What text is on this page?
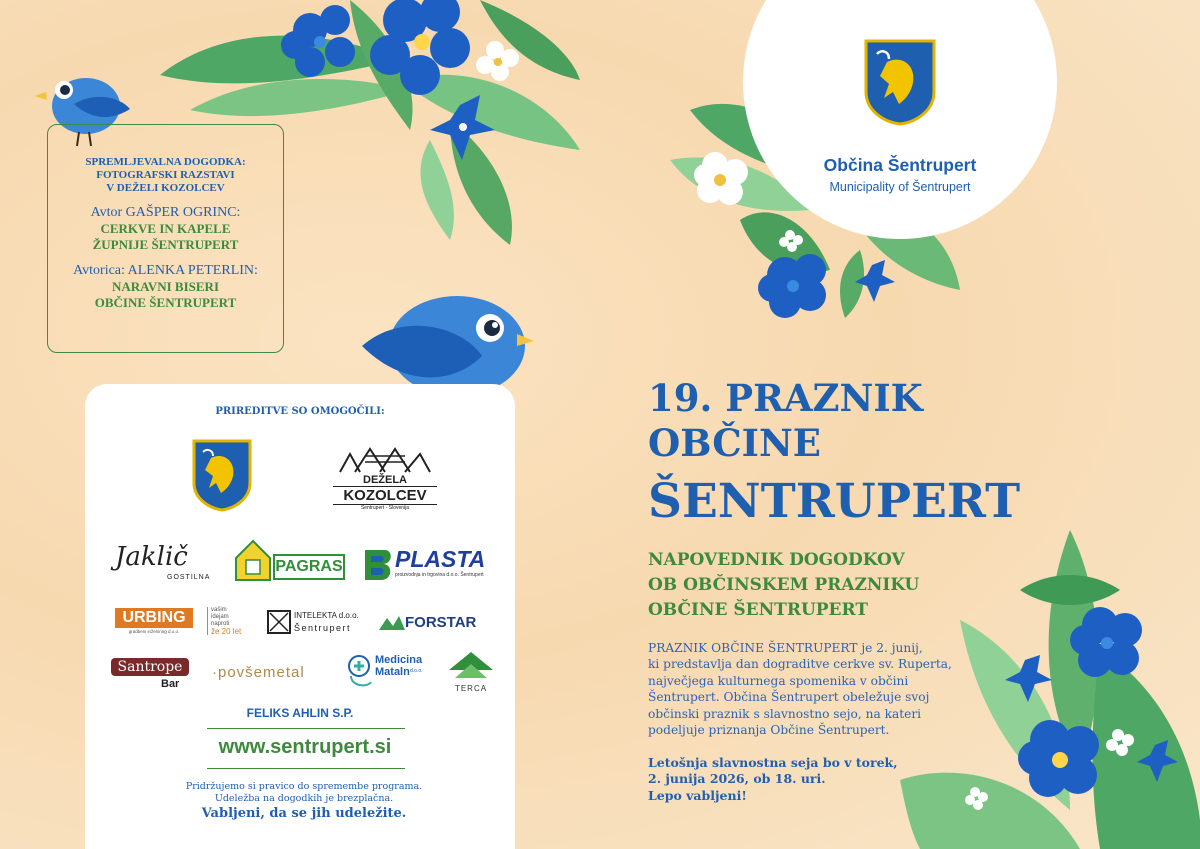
SPREMLJEVALNA DOGODKA:
FOTOGRAFSKI RAZSTAVI
V DEŽELI KOZOLCEV
Avtor GAŠPER OGRINC:
CERKVE IN KAPELE
ŽUPNIJE ŠENTRUPERT
Avtorica: ALENKA PETERLIN:
NARAVNI BISERI
OBČINE ŠENTRUPERT
PRIREDITVE SO OMOGOČILI:
DEŽELA
KOZOLCEV
Šentrupert - Slovenija
Jaklič
GOSTILNA
PAGRAS PLASTA
proizvodnja in trgovina d.o.o. Šentrupert
URBING
gradbeni inženiring d.o.o.
vašim
idejam
naproti
že 20 let
INTELEKTA d.o.o.
Šentrupert	FORSTAR
Santrope
Bar
·povšemetal
Medicina
Mataln d.o.o.
TERCA
FELIKS AHLIN S.P.
www.sentrupert.si
Pridržujemo si pravico do spremembe programa.
Udeležba na dogodkih je brezplačna.
Vabljeni, da se jih udeležite.
Občina Šentrupert
Municipality of Šentrupert
19. PRAZNIK
OBČINE
ŠENTRUPERT
NAPOVEDNIK DOGODKOV
OB OBČINSKEM PRAZNIKU
OBČINE ŠENTRUPERT
PRAZNIK OBČINE ŠENTRUPERT je 2. junij,
ki predstavlja dan dograditve cerkve sv. Ruperta,
največjega kulturnega spomenika v občini
Šentrupert. Občina Šentrupert obeležuje svoj
občinski praznik s slavnostno sejo, na kateri
podeljuje priznanja Občine Šentrupert.
Letošnja slavnostna seja bo v torek,
2. junija 2026, ob 18. uri.
Lepo vabljeni!
